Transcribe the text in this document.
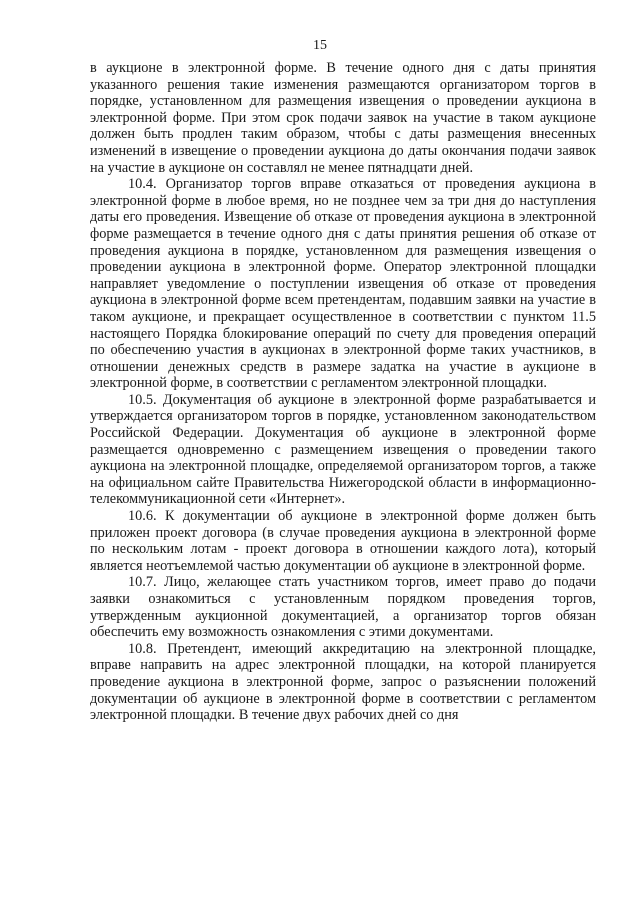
15

в аукционе в электронной форме. В течение одного дня с даты принятия указанного решения такие изменения размещаются организатором торгов в порядке, установленном для размещения извещения о проведении аукциона в электронной форме. При этом срок подачи заявок на участие в таком аукционе должен быть продлен таким образом, чтобы с даты размещения внесенных изменений в извещение о проведении аукциона до даты окончания подачи заявок на участие в аукционе он составлял не менее пятнадцати дней.

10.4. Организатор торгов вправе отказаться от проведения аукциона в электронной форме в любое время, но не позднее чем за три дня до наступления даты его проведения. Извещение об отказе от проведения аукциона в электронной форме размещается в течение одного дня с даты принятия решения об отказе от проведения аукциона в порядке, установленном для размещения извещения о проведении аукциона в электронной форме. Оператор электронной площадки направляет уведомление о поступлении извещения об отказе от проведения аукциона в электронной форме всем претендентам, подавшим заявки на участие в таком аукционе, и прекращает осуществленное в соответствии с пунктом 11.5 настоящего Порядка блокирование операций по счету для проведения операций по обеспечению участия в аукционах в электронной форме таких участников, в отношении денежных средств в размере задатка на участие в аукционе в электронной форме, в соответствии с регламентом электронной площадки.

10.5. Документация об аукционе в электронной форме разрабатывается и утверждается организатором торгов в порядке, установленном законодательством Российской Федерации. Документация об аукционе в электронной форме размещается одновременно с размещением извещения о проведении такого аукциона на электронной площадке, определяемой организатором торгов, а также на официальном сайте Правительства Нижегородской области в информационно-телекоммуникационной сети «Интернет».

10.6. К документации об аукционе в электронной форме должен быть приложен проект договора (в случае проведения аукциона в электронной форме по нескольким лотам - проект договора в отношении каждого лота), который является неотъемлемой частью документации об аукционе в электронной форме.

10.7. Лицо, желающее стать участником торгов, имеет право до подачи заявки ознакомиться с установленным порядком проведения торгов, утвержденным аукционной документацией, а организатор торгов обязан обеспечить ему возможность ознакомления с этими документами.

10.8. Претендент, имеющий аккредитацию на электронной площадке, вправе направить на адрес электронной площадки, на которой планируется проведение аукциона в электронной форме, запрос о разъяснении положений документации об аукционе в электронной форме в соответствии с регламентом электронной площадки. В течение двух рабочих дней со дня
